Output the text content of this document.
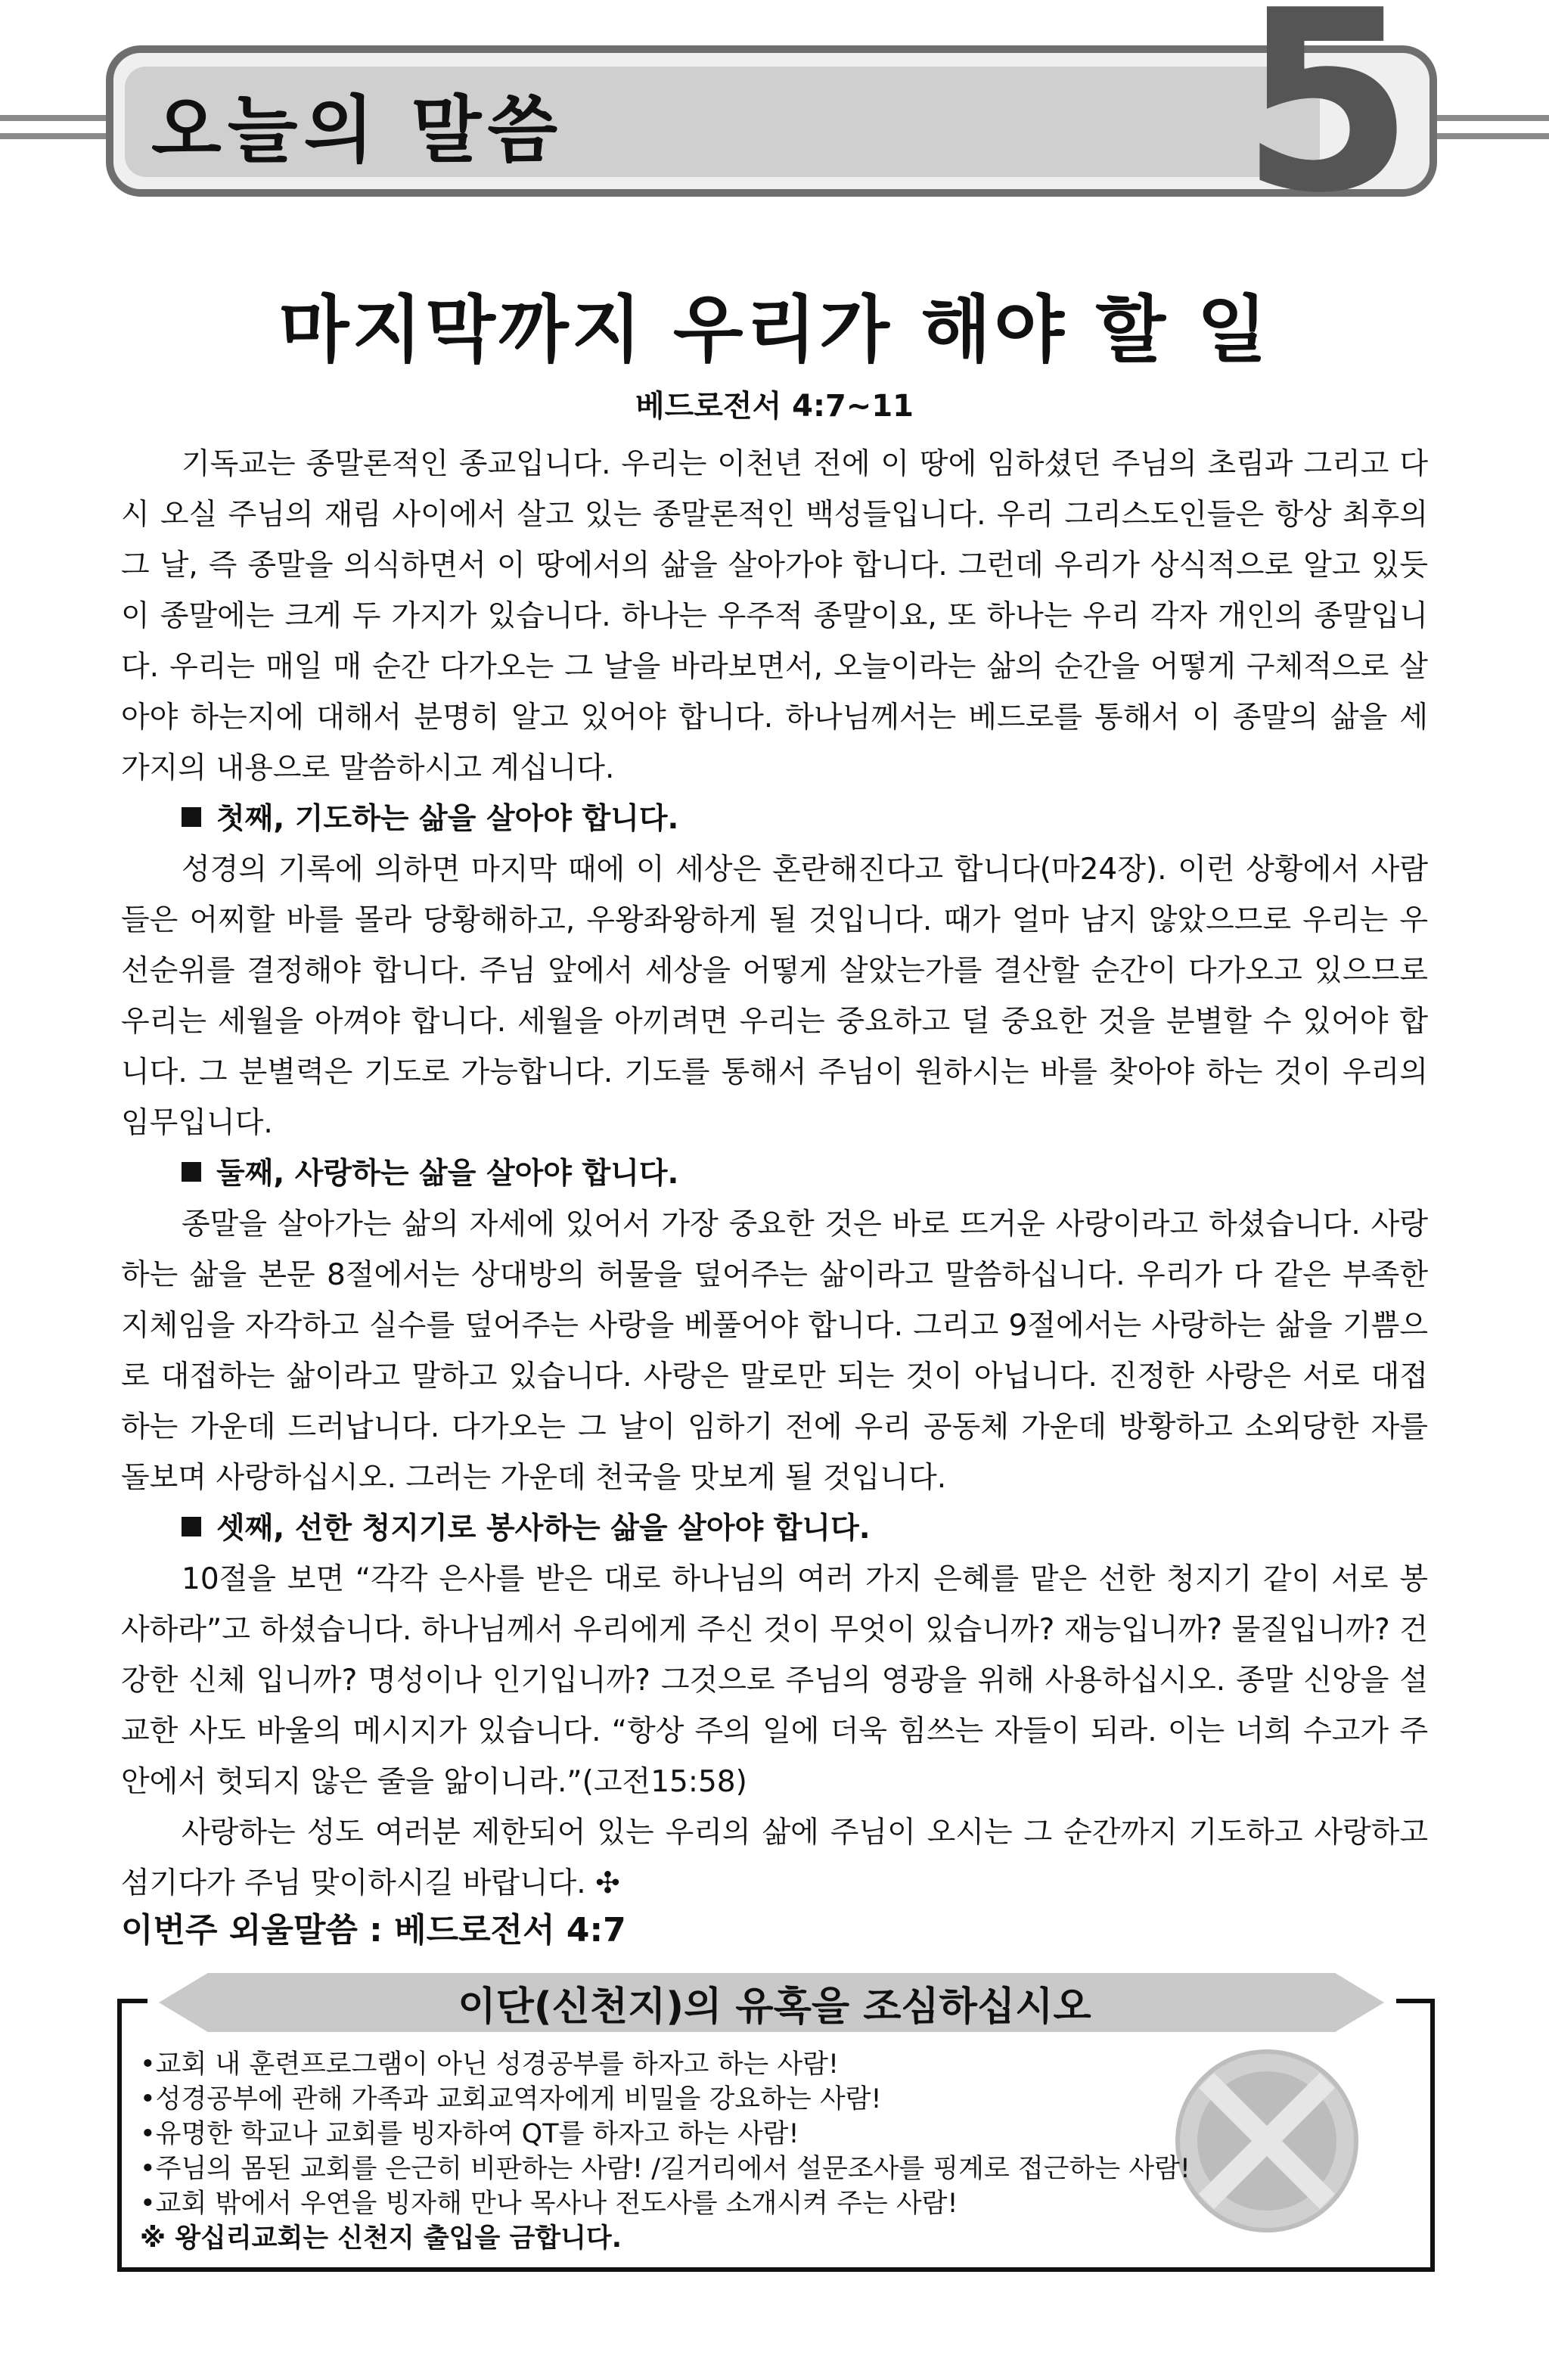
오늘의 말씀	5
마지막까지 우리가 해야 할 일
베드로전서 4:7~11

기독교는 종말론적인 종교입니다. 우리는 이천년 전에 이 땅에 임하셨던 주님의 초림과 그리고 다시 오실 주님의 재림 사이에서 살고 있는 종말론적인 백성들입니다. 우리 그리스도인들은 항상 최후의 그 날, 즉 종말을 의식하면서 이 땅에서의 삶을 살아가야 합니다. 그런데 우리가 상식적으로 알고 있듯이 종말에는 크게 두 가지가 있습니다. 하나는 우주적 종말이요, 또 하나는 우리 각자 개인의 종말입니다. 우리는 매일 매 순간 다가오는 그 날을 바라보면서, 오늘이라는 삶의 순간을 어떻게 구체적으로 살아야 하는지에 대해서 분명히 알고 있어야 합니다. 하나님께서는 베드로를 통해서 이 종말의 삶을 세 가지의 내용으로 말씀하시고 계십니다.

첫째, 기도하는 삶을 살아야 합니다.

성경의 기록에 의하면 마지막 때에 이 세상은 혼란해진다고 합니다(마24장). 이런 상황에서 사람들은 어찌할 바를 몰라 당황해하고, 우왕좌왕하게 될 것입니다. 때가 얼마 남지 않았으므로 우리는 우선순위를 결정해야 합니다. 주님 앞에서 세상을 어떻게 살았는가를 결산할 순간이 다가오고 있으므로 우리는 세월을 아껴야 합니다. 세월을 아끼려면 우리는 중요하고 덜 중요한 것을 분별할 수 있어야 합니다. 그 분별력은 기도로 가능합니다. 기도를 통해서 주님이 원하시는 바를 찾아야 하는 것이 우리의 임무입니다.

둘째, 사랑하는 삶을 살아야 합니다.

종말을 살아가는 삶의 자세에 있어서 가장 중요한 것은 바로 뜨거운 사랑이라고 하셨습니다. 사랑하는 삶을 본문 8절에서는 상대방의 허물을 덮어주는 삶이라고 말씀하십니다. 우리가 다 같은 부족한 지체임을 자각하고 실수를 덮어주는 사랑을 베풀어야 합니다. 그리고 9절에서는 사랑하는 삶을 기쁨으로 대접하는 삶이라고 말하고 있습니다. 사랑은 말로만 되는 것이 아닙니다. 진정한 사랑은 서로 대접하는 가운데 드러납니다. 다가오는 그 날이 임하기 전에 우리 공동체 가운데 방황하고 소외당한 자를 돌보며 사랑하십시오. 그러는 가운데 천국을 맛보게 될 것입니다.

셋째, 선한 청지기로 봉사하는 삶을 살아야 합니다.

10절을 보면 “각각 은사를 받은 대로 하나님의 여러 가지 은혜를 맡은 선한 청지기 같이 서로 봉사하라”고 하셨습니다. 하나님께서 우리에게 주신 것이 무엇이 있습니까? 재능입니까? 물질입니까? 건강한 신체 입니까? 명성이나 인기입니까? 그것으로 주님의 영광을 위해 사용하십시오. 종말 신앙을 설교한 사도 바울의 메시지가 있습니다. “항상 주의 일에 더욱 힘쓰는 자들이 되라. 이는 너희 수고가 주 안에서 헛되지 않은 줄을 앎이니라.”(고전15:58)

사랑하는 성도 여러분 제한되어 있는 우리의 삶에 주님이 오시는 그 순간까지 기도하고 사랑하고 섬기다가 주님 맞이하시길 바랍니다. ✣

이번주 외울말씀 : 베드로전서 4:7
이단(신천지)의 유혹을 조심하십시오
•교회 내 훈련프로그램이 아닌 성경공부를 하자고 하는 사람!
•성경공부에 관해 가족과 교회교역자에게 비밀을 강요하는 사람!
•유명한 학교나 교회를 빙자하여 QT를 하자고 하는 사람!
•주님의 몸된 교회를 은근히 비판하는 사람! /길거리에서 설문조사를 핑계로 접근하는 사람!
•교회 밖에서 우연을 빙자해 만나 목사나 전도사를 소개시켜 주는 사람!
※ 왕십리교회는 신천지 출입을 금합니다.
